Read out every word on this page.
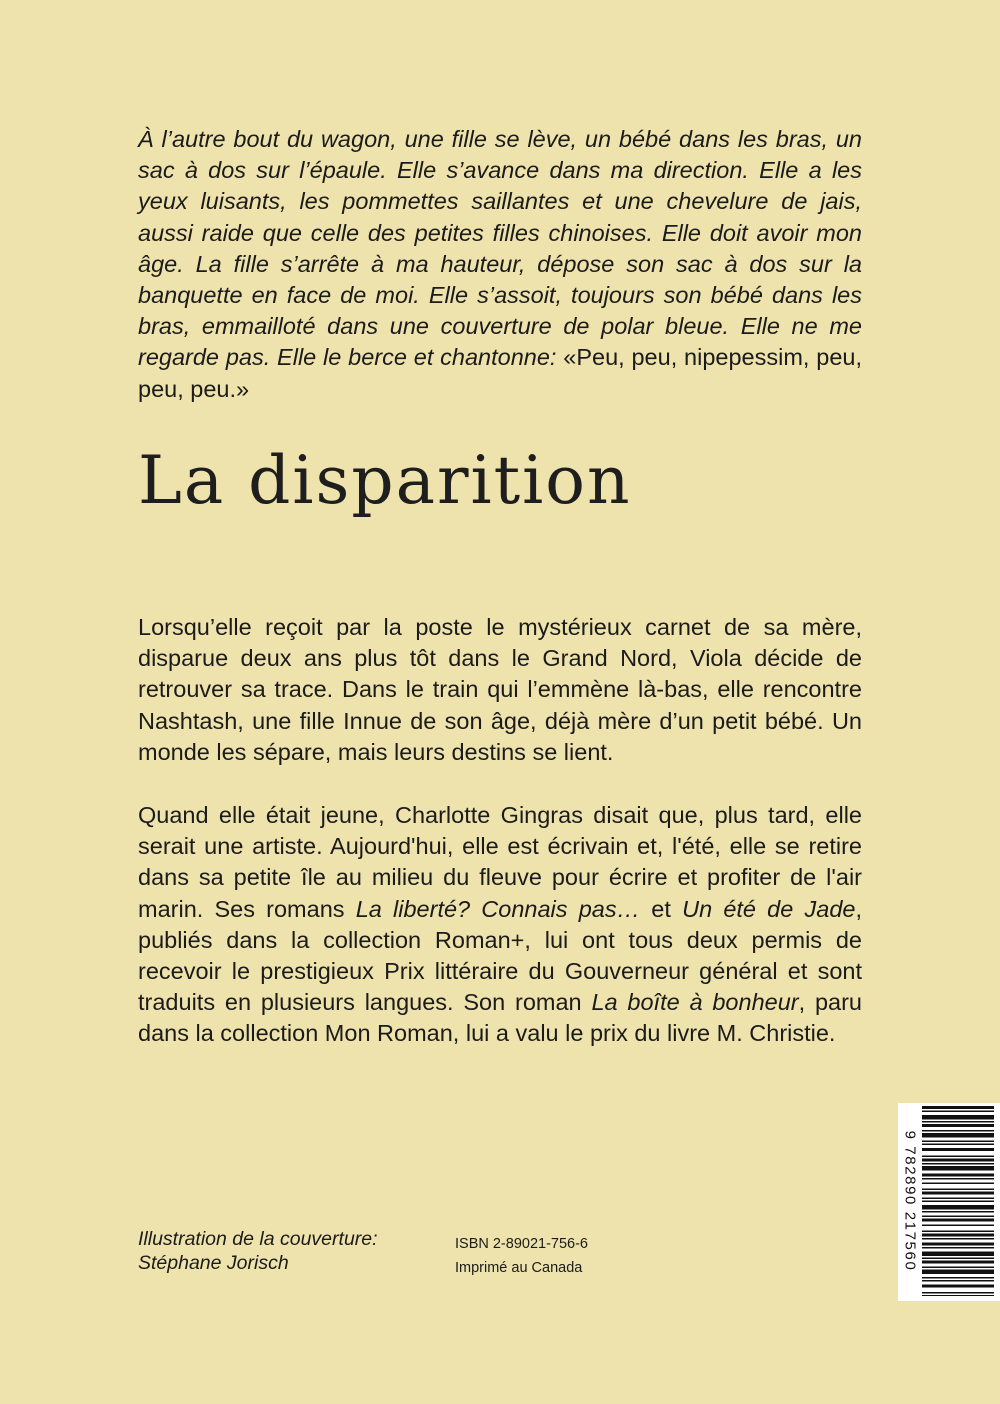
À l’autre bout du wagon, une fille se lève, un bébé dans les bras, un sac à dos sur l’épaule. Elle s’avance dans ma direction. Elle a les yeux luisants, les pommettes saillantes et une chevelure de jais, aussi raide que celle des petites filles chinoises. Elle doit avoir mon âge. La fille s’arrête à ma hauteur, dépose son sac à dos sur la banquette en face de moi. Elle s’assoit, toujours son bébé dans les bras, emmailloté dans une couverture de polar bleue. Elle ne me regarde pas. Elle le berce et chantonne: «Peu, peu, nipepessim, peu, peu, peu.»

La disparition

Lorsqu’elle reçoit par la poste le mystérieux carnet de sa mère, disparue deux ans plus tôt dans le Grand Nord, Viola décide de retrouver sa trace. Dans le train qui l’emmène là-bas, elle rencontre Nashtash, une fille Innue de son âge, déjà mère d’un petit bébé. Un monde les sépare, mais leurs destins se lient.

Quand elle était jeune, Charlotte Gingras disait que, plus tard, elle serait une artiste. Aujourd'hui, elle est écrivain et, l'été, elle se retire dans sa petite île au milieu du fleuve pour écrire et profiter de l'air marin. Ses romans La liberté? Connais pas… et Un été de Jade, publiés dans la collection Roman+, lui ont tous deux permis de recevoir le prestigieux Prix littéraire du Gouverneur général et sont traduits en plusieurs langues. Son roman La boîte à bonheur, paru dans la collection Mon Roman, lui a valu le prix du livre M. Christie.

Illustration de la couverture:
Stéphane Jorisch
ISBN 2-89021-756-6
Imprimé au Canada	9 782890 217560
